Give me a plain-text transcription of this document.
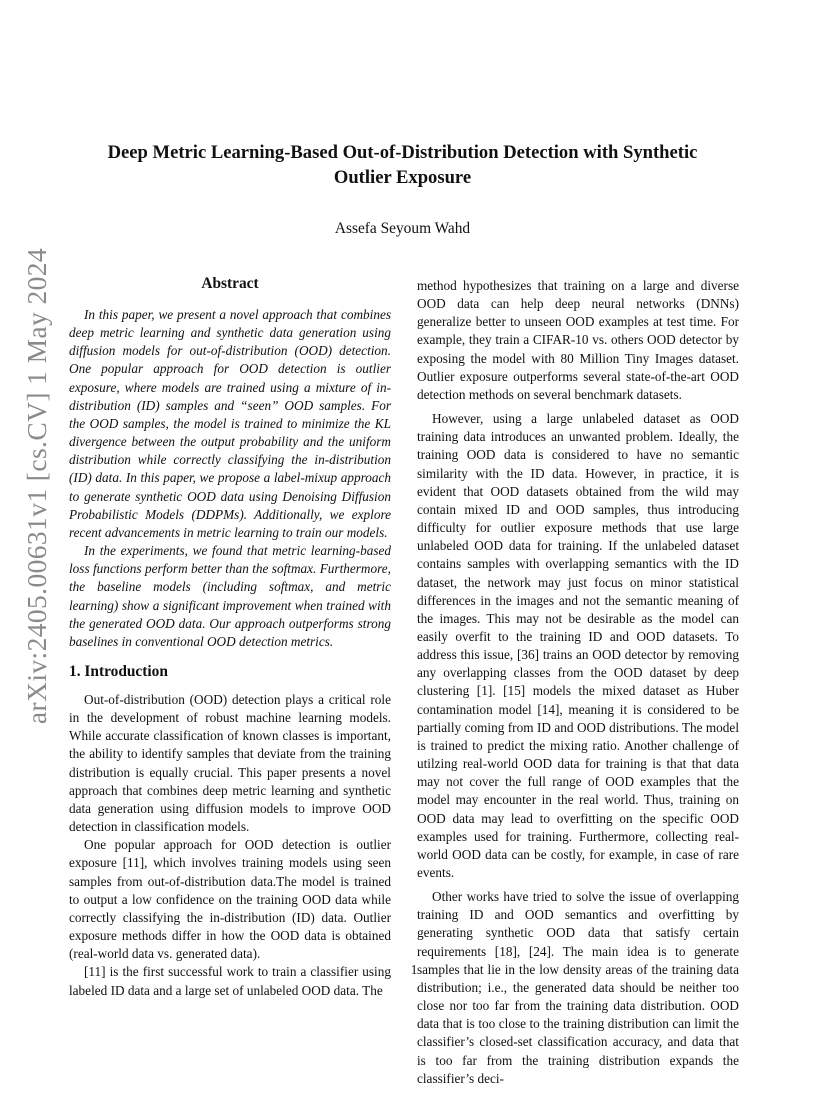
arXiv:2405.00631v1 [cs.CV] 1 May 2024
Deep Metric Learning-Based Out-of-Distribution Detection with Synthetic Outlier Exposure
Assefa Seyoum Wahd
Abstract

In this paper, we present a novel approach that combines deep metric learning and synthetic data generation using diffusion models for out-of-distribution (OOD) detection. One popular approach for OOD detection is outlier exposure, where models are trained using a mixture of in-distribution (ID) samples and “seen” OOD samples. For the OOD samples, the model is trained to minimize the KL divergence between the output probability and the uniform distribution while correctly classifying the in-distribution (ID) data. In this paper, we propose a label-mixup approach to generate synthetic OOD data using Denoising Diffusion Probabilistic Models (DDPMs). Additionally, we explore recent advancements in metric learning to train our models.

In the experiments, we found that metric learning-based loss functions perform better than the softmax. Furthermore, the baseline models (including softmax, and metric learning) show a significant improvement when trained with the generated OOD data. Our approach outperforms strong baselines in conventional OOD detection metrics.

1. Introduction

Out-of-distribution (OOD) detection plays a critical role in the development of robust machine learning models. While accurate classification of known classes is important, the ability to identify samples that deviate from the training distribution is equally crucial. This paper presents a novel approach that combines deep metric learning and synthetic data generation using diffusion models to improve OOD detection in classification models.

One popular approach for OOD detection is outlier exposure [11], which involves training models using seen samples from out-of-distribution data.The model is trained to output a low confidence on the training OOD data while correctly classifying the in-distribution (ID) data. Outlier exposure methods differ in how the OOD data is obtained (real-world data vs. generated data).

[11] is the first successful work to train a classifier using labeled ID data and a large set of unlabeled OOD data. The

method hypothesizes that training on a large and diverse OOD data can help deep neural networks (DNNs) generalize better to unseen OOD examples at test time. For example, they train a CIFAR-10 vs. others OOD detector by exposing the model with 80 Million Tiny Images dataset. Outlier exposure outperforms several state-of-the-art OOD detection methods on several benchmark datasets.

However, using a large unlabeled dataset as OOD training data introduces an unwanted problem. Ideally, the training OOD data is considered to have no semantic similarity with the ID data. However, in practice, it is evident that OOD datasets obtained from the wild may contain mixed ID and OOD samples, thus introducing difficulty for outlier exposure methods that use large unlabeled OOD data for training. If the unlabeled dataset contains samples with overlapping semantics with the ID dataset, the network may just focus on minor statistical differences in the images and not the semantic meaning of the images. This may not be desirable as the model can easily overfit to the training ID and OOD datasets. To address this issue, [36] trains an OOD detector by removing any overlapping classes from the OOD dataset by deep clustering [1]. [15] models the mixed dataset as Huber contamination model [14], meaning it is considered to be partially coming from ID and OOD distributions. The model is trained to predict the mixing ratio. Another challenge of utilzing real-world OOD data for training is that that data may not cover the full range of OOD examples that the model may encounter in the real world. Thus, training on OOD data may lead to overfitting on the specific OOD examples used for training. Furthermore, collecting real-world OOD data can be costly, for example, in case of rare events.

Other works have tried to solve the issue of overlapping training ID and OOD semantics and overfitting by generating synthetic OOD data that satisfy certain requirements [18], [24]. The main idea is to generate samples that lie in the low density areas of the training data distribution; i.e., the generated data should be neither too close nor too far from the training data distribution. OOD data that is too close to the training distribution can limit the classifier’s closed-set classification accuracy, and data that is too far from the training distribution expands the classifier’s deci-

1
